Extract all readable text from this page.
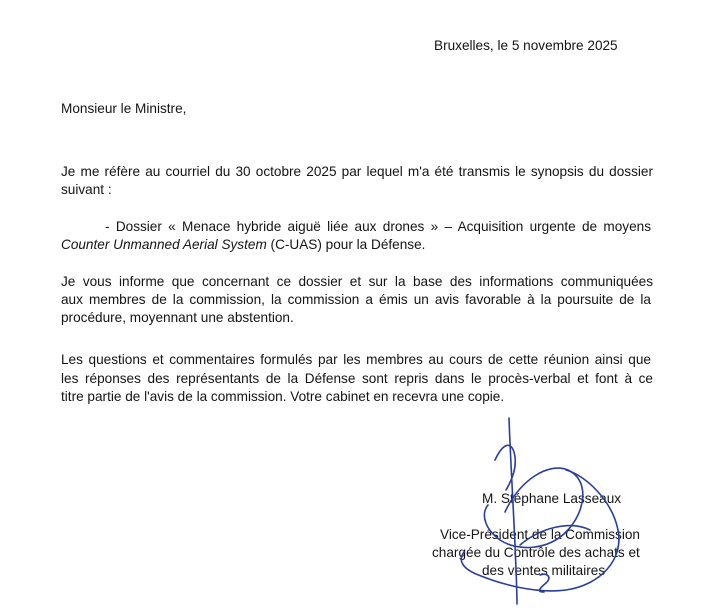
Bruxelles, le 5 novembre 2025
Monsieur le Ministre,
Je me réfère au courriel du 30 octobre 2025 par lequel m'a été transmis le synopsis du dossier
suivant :
- Dossier « Menace hybride aiguë liée aux drones » – Acquisition urgente de moyens
Counter Unmanned Aerial System (C-UAS) pour la Défense.
Je vous informe que concernant ce dossier et sur la base des informations communiquées
aux membres de la commission, la commission a émis un avis favorable à la poursuite de la
procédure, moyennant une abstention.
Les questions et commentaires formulés par les membres au cours de cette réunion ainsi que
les réponses des représentants de la Défense sont repris dans le procès-verbal et font à ce
titre partie de l'avis de la commission. Votre cabinet en recevra une copie.
M. Stéphane Lasseaux
Vice-Président de la Commission
chargée du Contrôle des achats et
des ventes militaires
